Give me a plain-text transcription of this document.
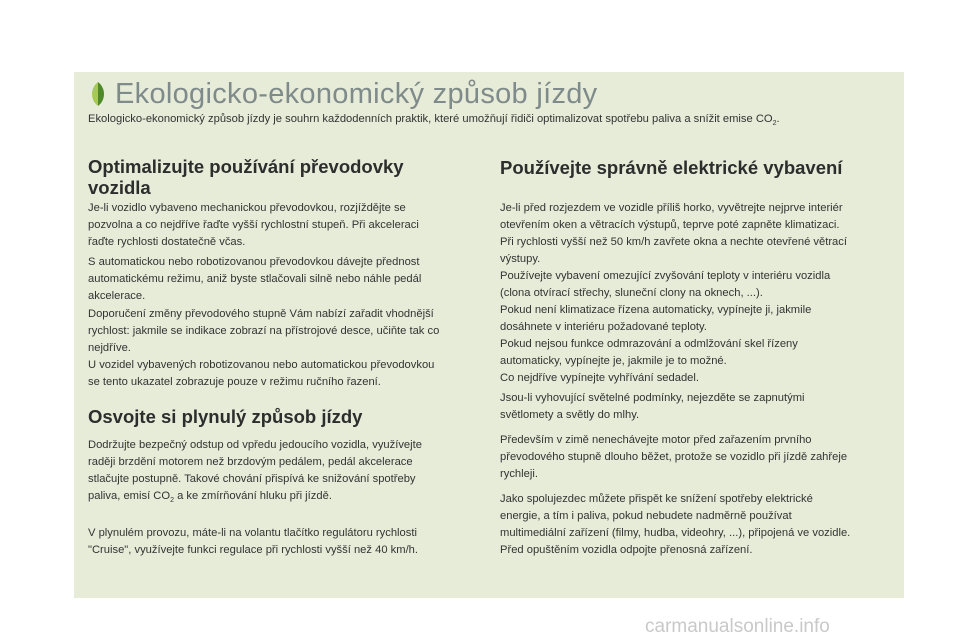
Ekologicko-ekonomický způsob jízdy
Ekologicko-ekonomický způsob jízdy je souhrn každodenních praktik, které umožňují řidiči optimalizovat spotřebu paliva a snížit emise $CO_2$.
Optimalizujte používání převodovky
vozidla

Je-li vozidlo vybaveno mechanickou převodovkou, rozjíždějte se

pozvolna a co nejdříve řaďte vyšší rychlostní stupeň. Při akceleraci

řaďte rychlosti dostatečně včas.

S automatickou nebo robotizovanou převodovkou dávejte přednost

automatickému režimu, aniž byste stlačovali silně nebo náhle pedál

akcelerace.

Doporučení změny převodového stupně Vám nabízí zařadit vhodnější

rychlost: jakmile se indikace zobrazí na přístrojové desce, učiňte tak co

nejdříve.

U vozidel vybavených robotizovanou nebo automatickou převodovkou

se tento ukazatel zobrazuje pouze v režimu ručního řazení.

Osvojte si plynulý způsob jízdy

Dodržujte bezpečný odstup od vpředu jedoucího vozidla, využívejte

raději brzdění motorem než brzdovým pedálem, pedál akcelerace

stlačujte postupně. Takové chování přispívá ke snižování spotřeby

paliva, emisí $CO_2$ a ke zmírňování hluku při jízdě.

V plynulém provozu, máte-li na volantu tlačítko regulátoru rychlosti

"Cruise", využívejte funkci regulace při rychlosti vyšší než 40 km/h.

Používejte správně elektrické vybavení

Je-li před rozjezdem ve vozidle příliš horko, vyvětrejte nejprve interiér

otevřením oken a větracích výstupů, teprve poté zapněte klimatizaci.

Při rychlosti vyšší než 50 km/h zavřete okna a nechte otevřené větrací

výstupy.

Používejte vybavení omezující zvyšování teploty v interiéru vozidla

(clona otvírací střechy, sluneční clony na oknech, ...).

Pokud není klimatizace řízena automaticky, vypínejte ji, jakmile

dosáhnete v interiéru požadované teploty.

Pokud nejsou funkce odmrazování a odmlžování skel řízeny

automaticky, vypínejte je, jakmile je to možné.

Co nejdříve vypínejte vyhřívání sedadel.

Jsou-li vyhovující světelné podmínky, nejezděte se zapnutými

světlomety a světly do mlhy.

Především v zimě nenechávejte motor před zařazením prvního

převodového stupně dlouho běžet, protože se vozidlo při jízdě zahřeje

rychleji.

Jako spolujezdec můžete přispět ke snížení spotřeby elektrické

energie, a tím i paliva, pokud nebudete nadměrně používat

multimediální zařízení (filmy, hudba, videohry, ...), připojená ve vozidle.

Před opuštěním vozidla odpojte přenosná zařízení.

carmanualsonline.info
